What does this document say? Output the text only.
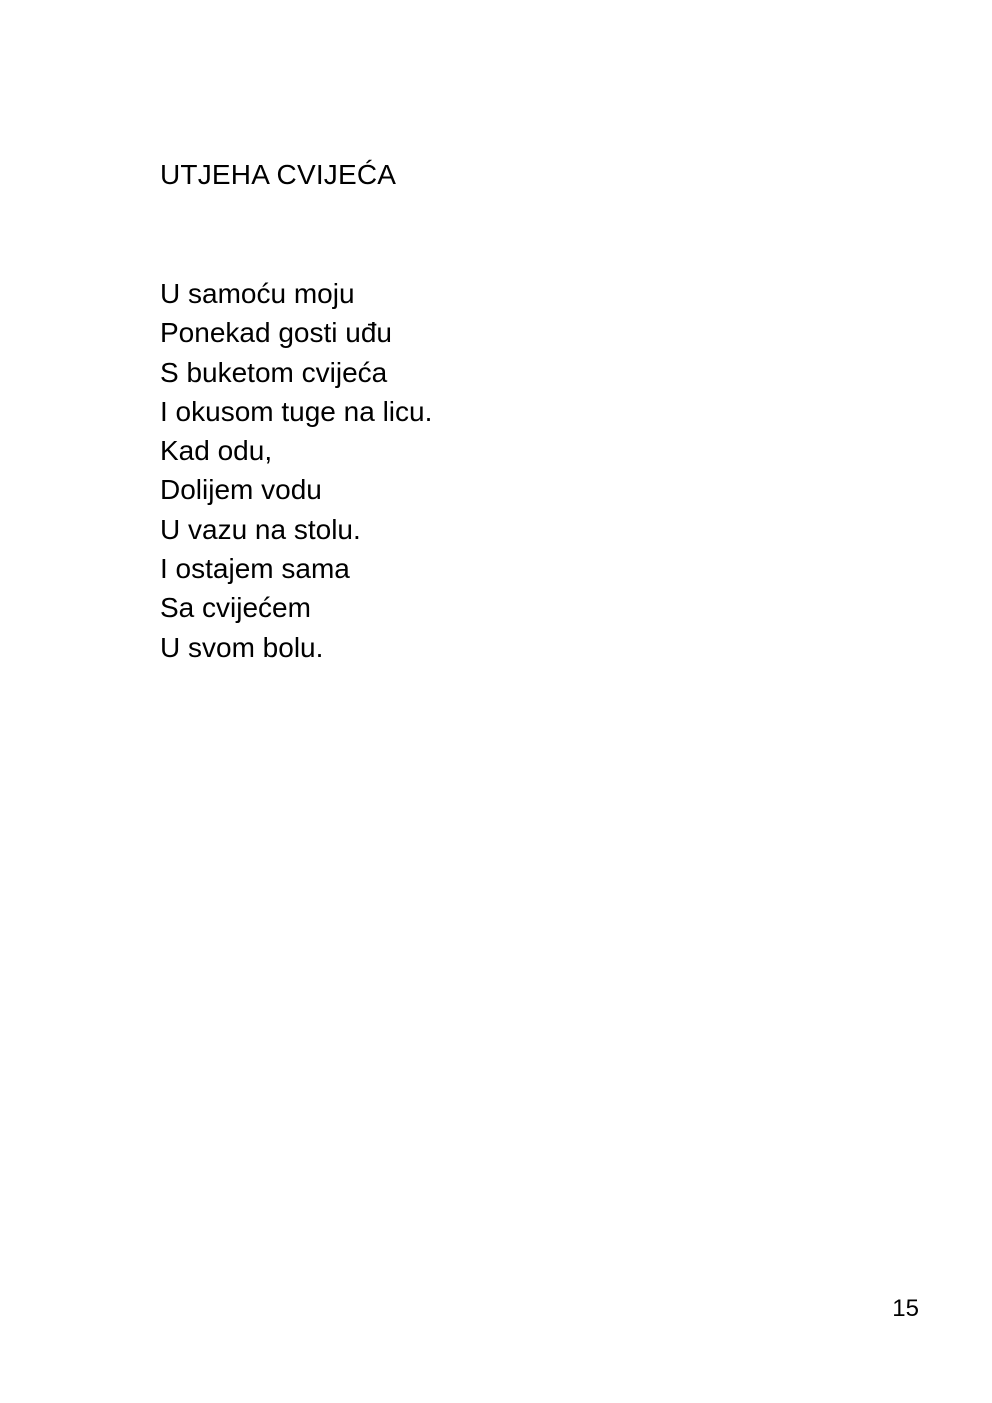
UTJEHA CVIJEĆA
U samoću moju
Ponekad gosti uđu
S buketom cvijeća
I okusom tuge na licu.
Kad odu,
Dolijem vodu
U vazu na stolu.
I ostajem sama
Sa cvijećem
U svom bolu.
15
